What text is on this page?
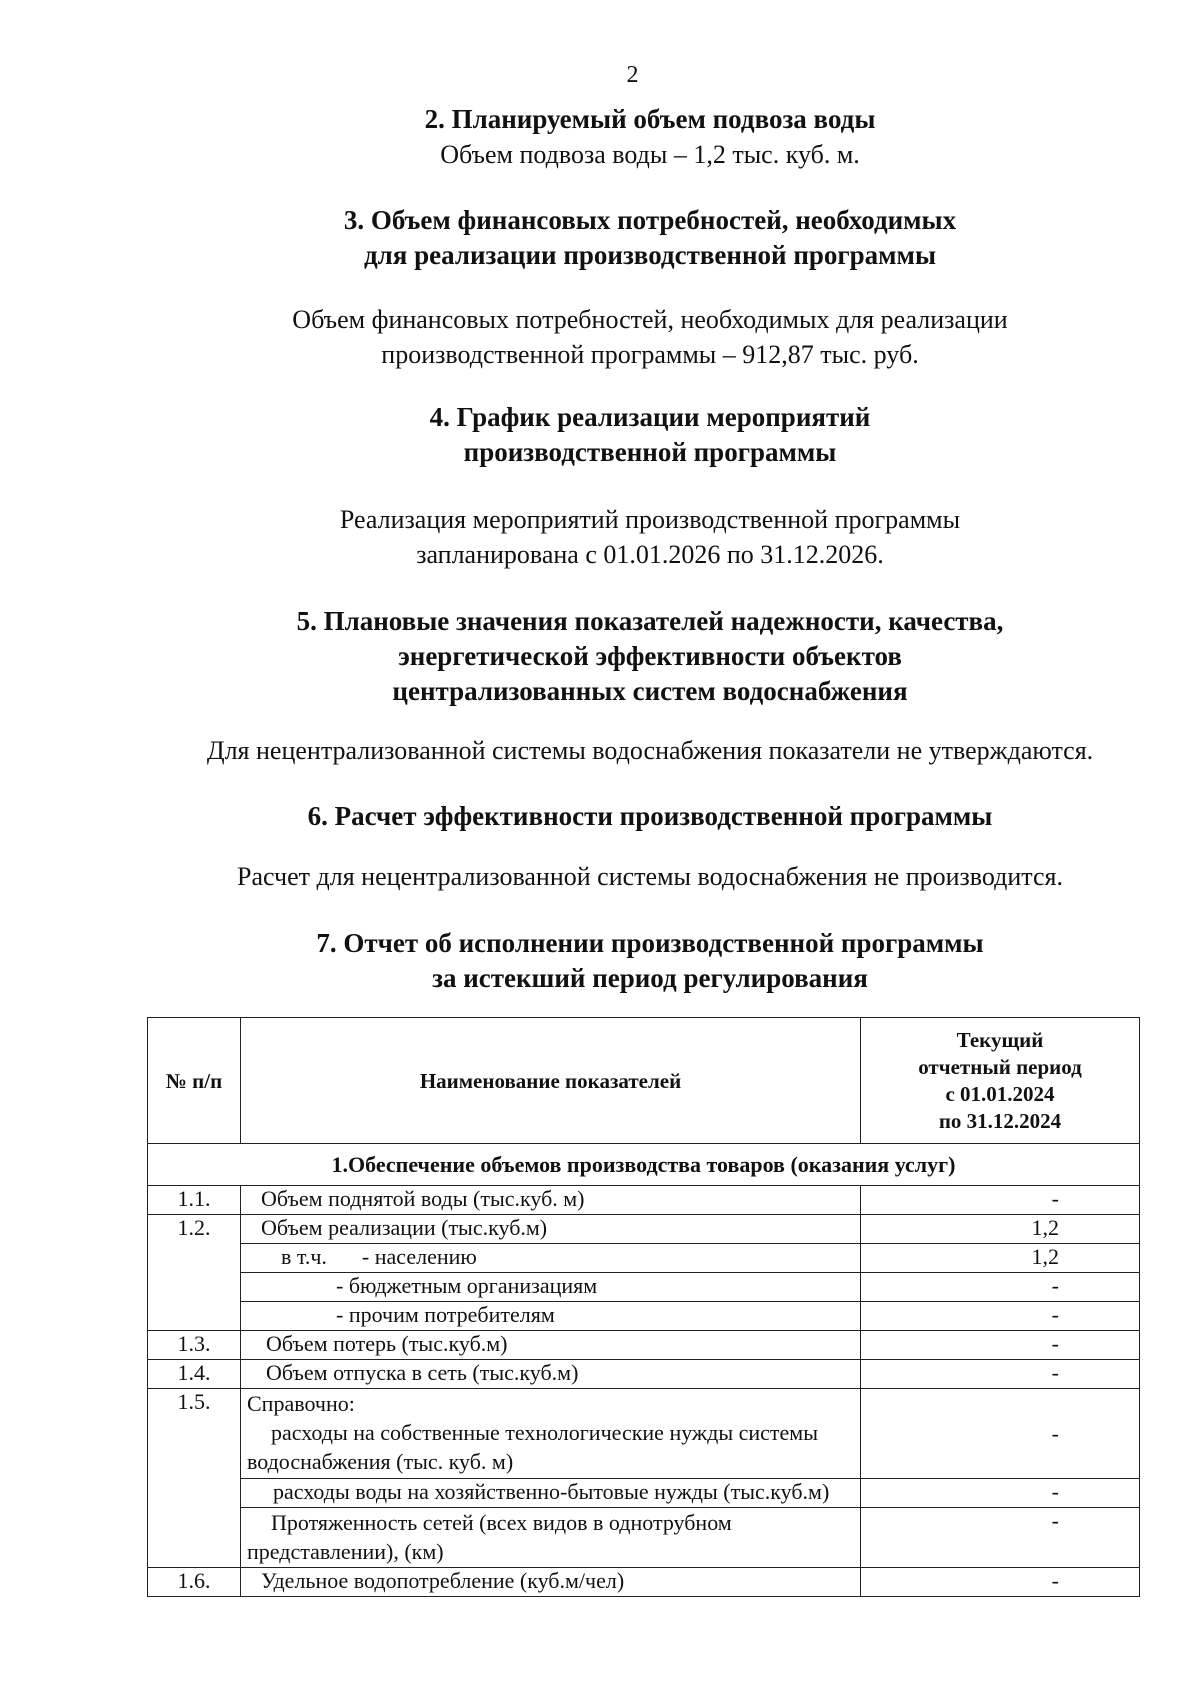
2
2. Планируемый объем подвоза воды
Объем подвоза воды – 1,2 тыс. куб. м.
3. Объем финансовых потребностей, необходимых
для реализации производственной программы
Объем финансовых потребностей, необходимых для реализации
производственной программы – 912,87 тыс. руб.
4. График реализации мероприятий
производственной программы
Реализация мероприятий производственной программы
запланирована с 01.01.2026 по 31.12.2026.
5. Плановые значения показателей надежности, качества,
энергетической эффективности объектов
централизованных систем водоснабжения
Для нецентрализованной системы водоснабжения показатели не утверждаются.
6. Расчет эффективности производственной программы
Расчет для нецентрализованной системы водоснабжения не производится.
7. Отчет об исполнении производственной программы
за истекший период регулирования
№ п/п	Наименование показателей	Текущий
отчетный период
с 01.01.2024
по 31.12.2024

1.Обеспечение объемов производства товаров (оказания услуг)		
1.1.	Объем поднятой воды (тыс.куб. м)	-
1.2.	Объем реализации (тыс.куб.м)	1,2
	в т.ч. - населению	1,2
	- бюджетным организациям	-
	- прочим потребителям	-
1.3.	Объем потерь (тыс.куб.м)	-
1.4.	Объем отпуска в сеть (тыс.куб.м)	-
1.5.	Справочно:
расходы на собственные технологические нужды системы
водоснабжения (тыс. куб. м)	-
	расходы воды на хозяйственно-бытовые нужды (тыс.куб.м)	-

	Протяженность сетей (всех видов в однотрубном
представлении), (км)	-
1.6.	Удельное водопотребление (куб.м/чел)	-
